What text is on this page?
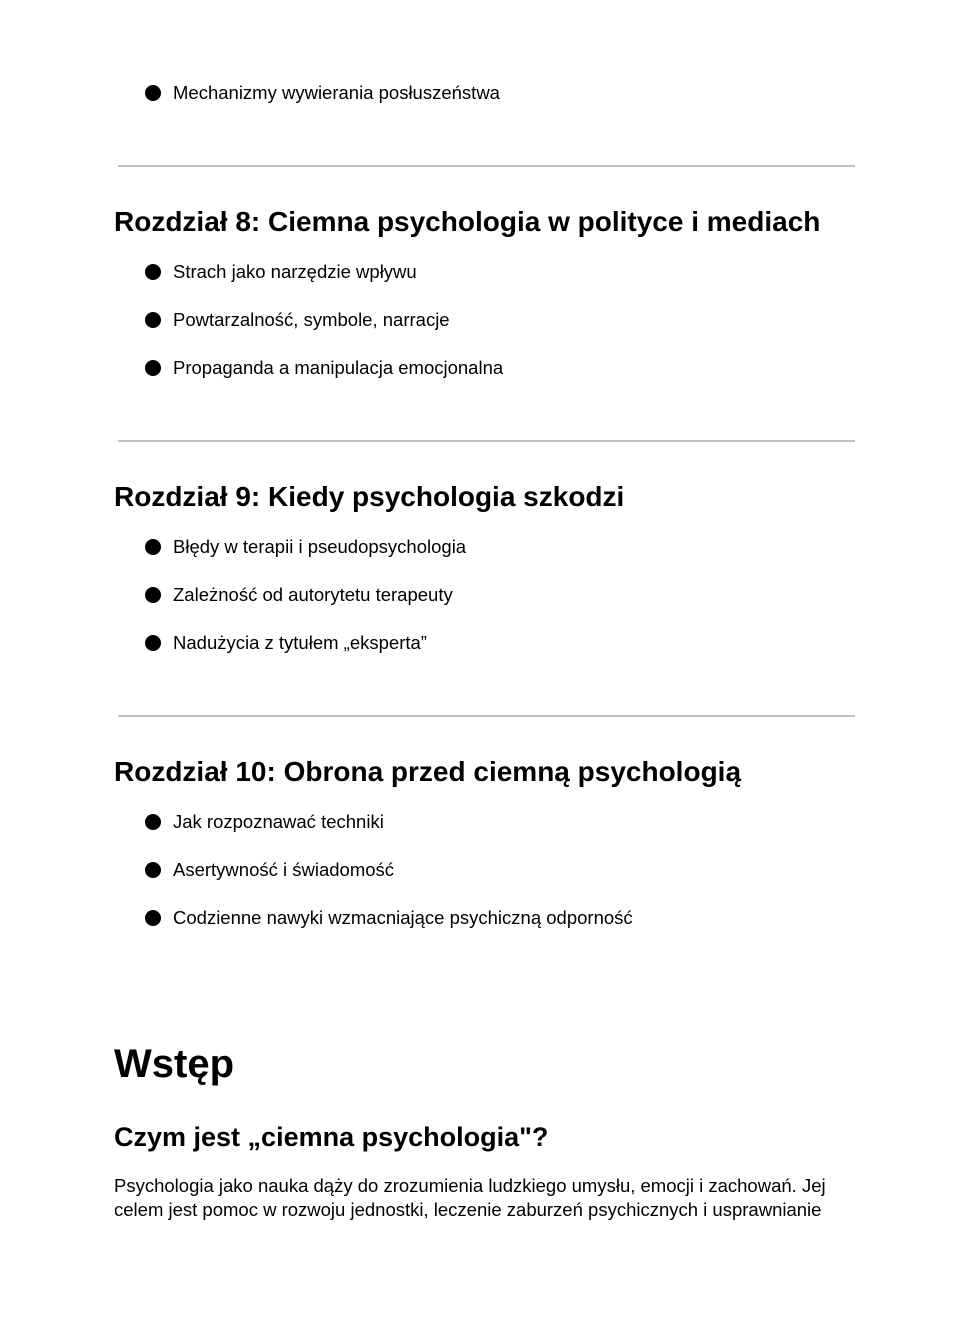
Mechanizmy wywierania posłuszeństwa
Rozdział 8: Ciemna psychologia w polityce i mediach
Strach jako narzędzie wpływu
Powtarzalność, symbole, narracje
Propaganda a manipulacja emocjonalna
Rozdział 9: Kiedy psychologia szkodzi
Błędy w terapii i pseudopsychologia
Zależność od autorytetu terapeuty
Nadużycia z tytułem „eksperta”
Rozdział 10: Obrona przed ciemną psychologią
Jak rozpoznawać techniki
Asertywność i świadomość
Codzienne nawyki wzmacniające psychiczną odporność
Wstęp
Czym jest „ciemna psychologia"?
Psychologia jako nauka dąży do zrozumienia ludzkiego umysłu, emocji i zachowań. Jej
celem jest pomoc w rozwoju jednostki, leczenie zaburzeń psychicznych i usprawnianie
